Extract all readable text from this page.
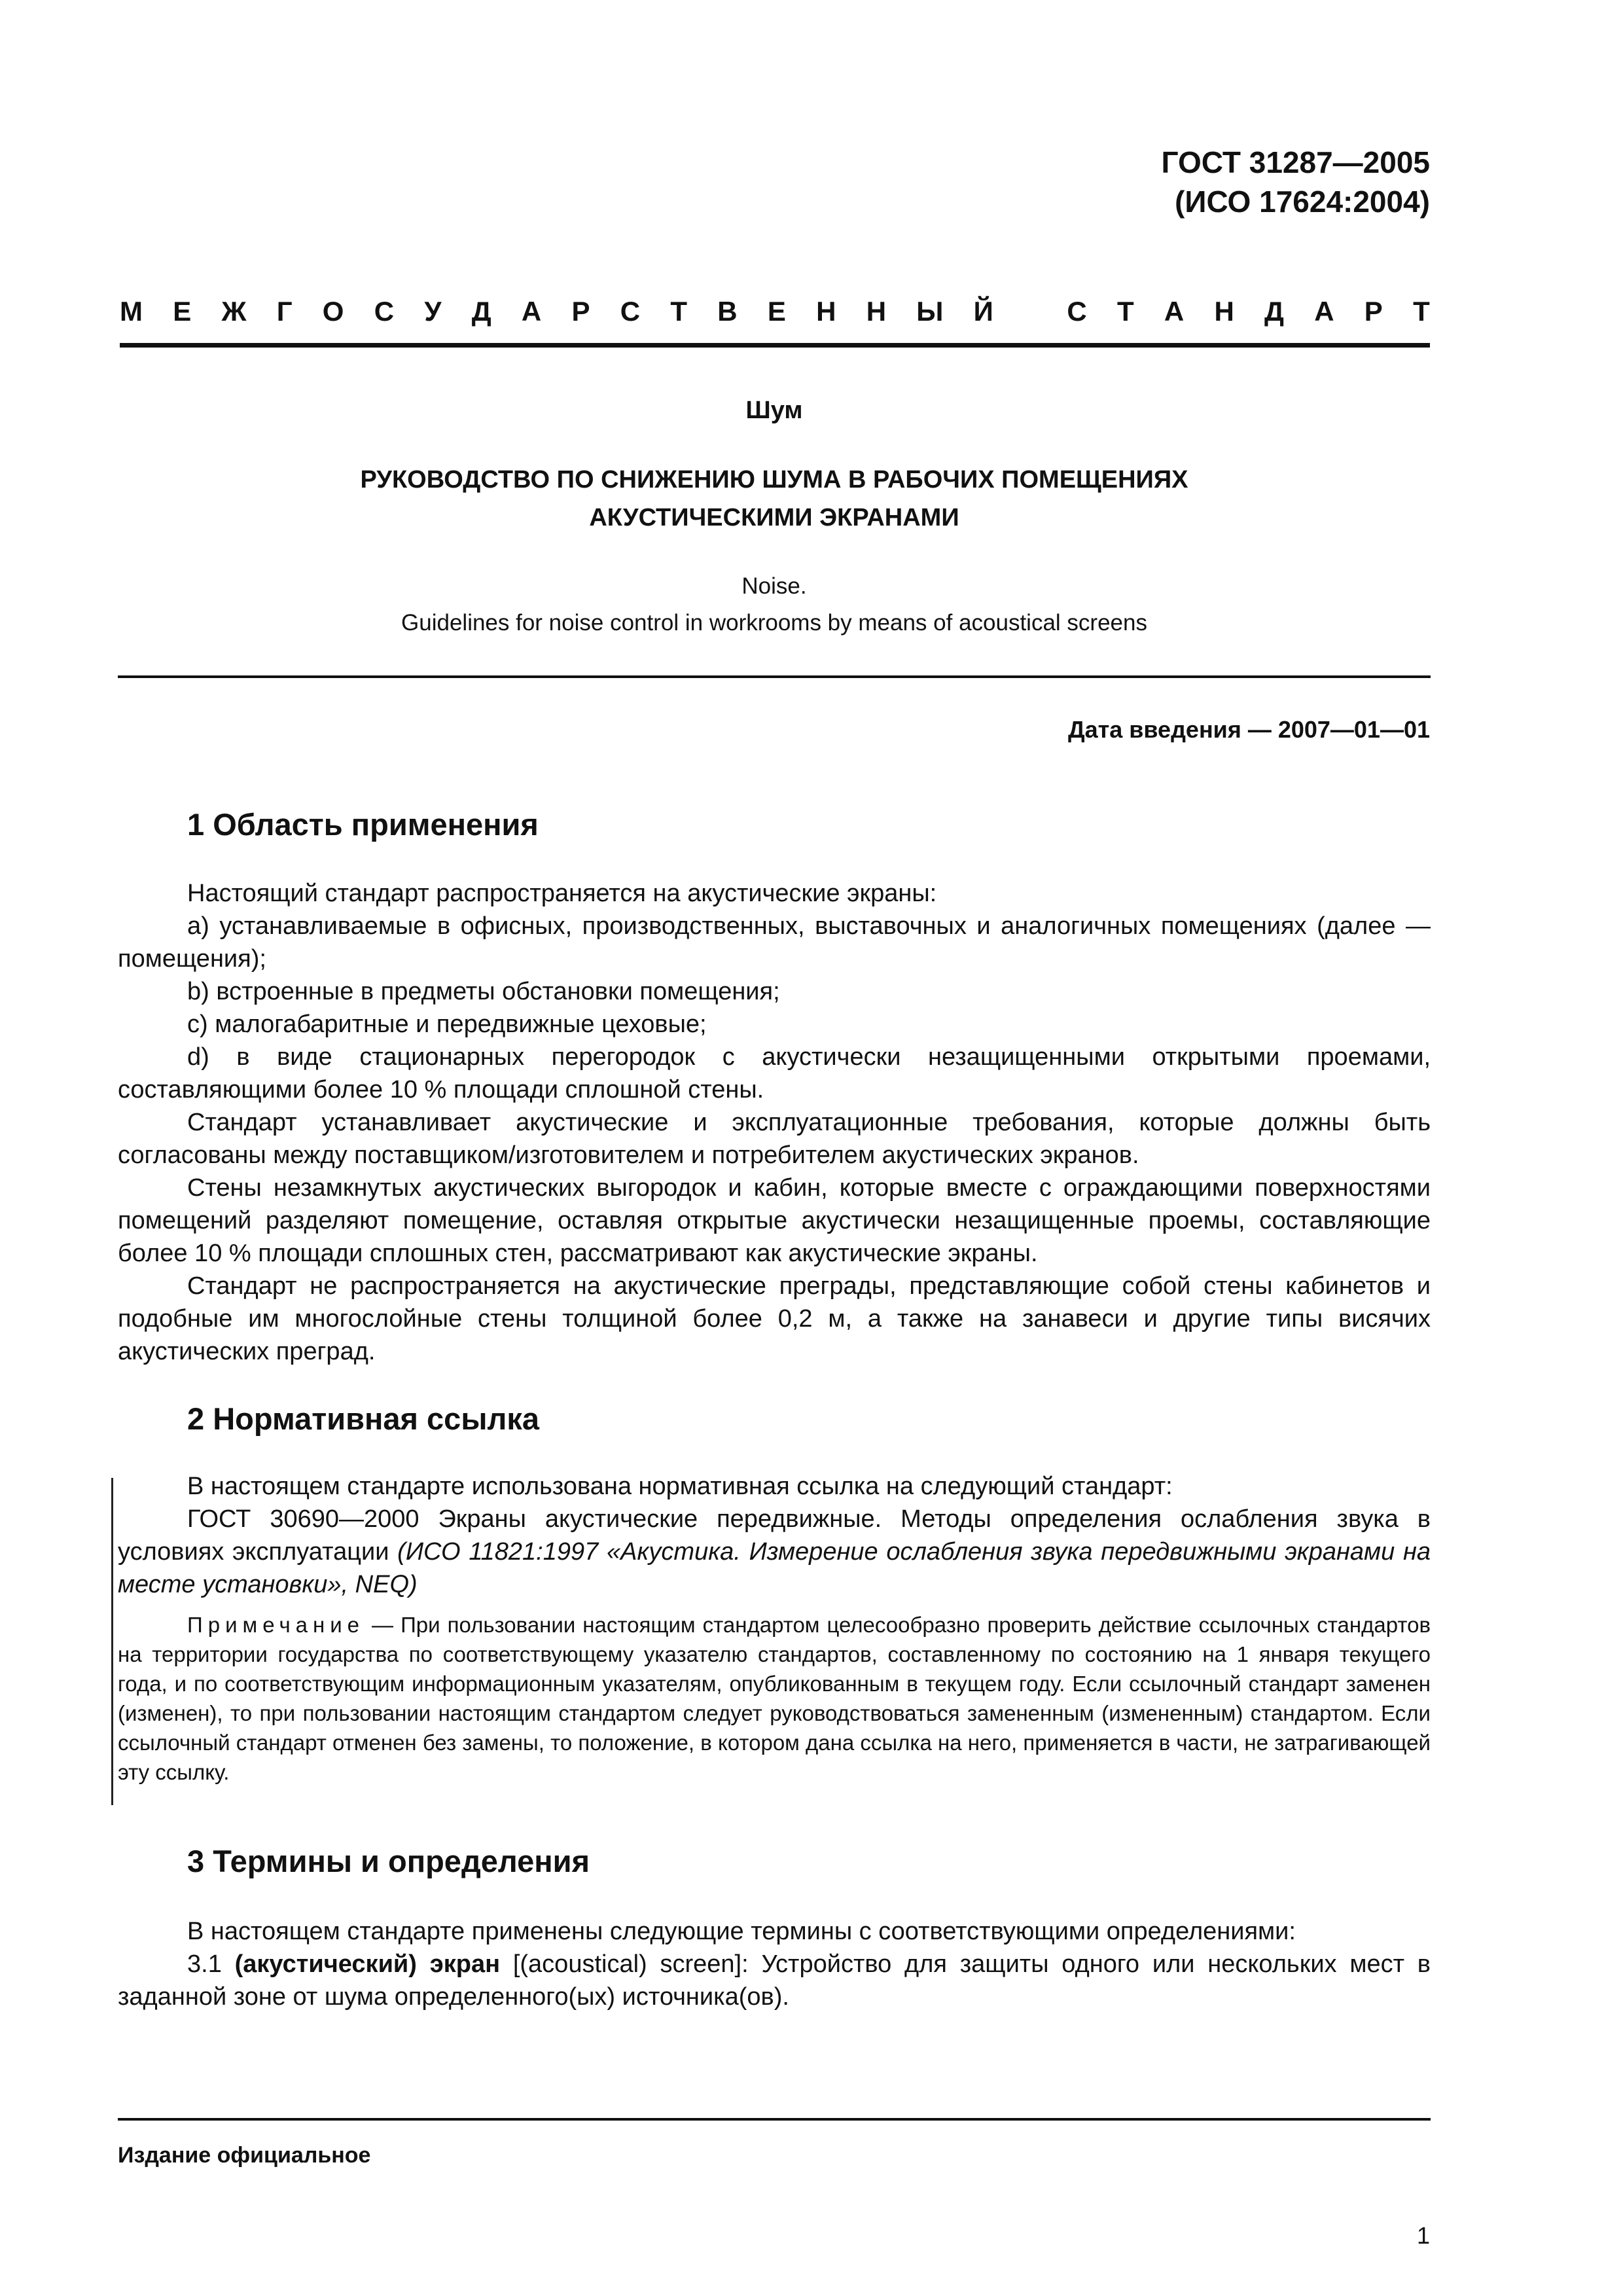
ГОСТ 31287—2005
(ИСО 17624:2004)
М Е Ж Г О С У Д А Р С Т В Е Н Н Ы Й	С Т А Н Д А Р Т
Шум
РУКОВОДСТВО ПО СНИЖЕНИЮ ШУМА В РАБОЧИХ ПОМЕЩЕНИЯХ
АКУСТИЧЕСКИМИ ЭКРАНАМИ
Noise.
Guidelines for noise control in workrooms by means of acoustical screens
Дата введения — 2007—01—01
1 Область применения

Настоящий стандарт распространяется на акустические экраны:

a) устанавливаемые в офисных, производственных, выставочных и аналогичных помещениях (далее — помещения);

b) встроенные в предметы обстановки помещения;

c) малогабаритные и передвижные цеховые;

d) в виде стационарных перегородок с акустически незащищенными открытыми проемами, составляющими более 10 % площади сплошной стены.

Стандарт устанавливает акустические и эксплуатационные требования, которые должны быть согласованы между поставщиком/изготовителем и потребителем акустических экранов.

Стены незамкнутых акустических выгородок и кабин, которые вместе с ограждающими поверхностями помещений разделяют помещение, оставляя открытые акустически незащищенные проемы, составляющие более 10 % площади сплошных стен, рассматривают как акустические экраны.

Стандарт не распространяется на акустические преграды, представляющие собой стены кабинетов и подобные им многослойные стены толщиной более 0,2 м, а также на занавеси и другие типы висячих акустических преград.

2 Нормативная ссылка

В настоящем стандарте использована нормативная ссылка на следующий стандарт:

ГОСТ 30690—2000 Экраны акустические передвижные. Методы определения ослабления звука в условиях эксплуатации (ИСО 11821:1997 «Акустика. Измерение ослабления звука передвижными экранами на месте установки», NEQ)

Примечание — При пользовании настоящим стандартом целесообразно проверить действие ссылочных стандартов на территории государства по соответствующему указателю стандартов, составленному по состоянию на 1 января текущего года, и по соответствующим информационным указателям, опубликованным в текущем году. Если ссылочный стандарт заменен (изменен), то при пользовании настоящим стандартом следует руководствоваться замененным (измененным) стандартом. Если ссылочный стандарт отменен без замены, то положение, в котором дана ссылка на него, применяется в части, не затрагивающей эту ссылку.

3 Термины и определения

В настоящем стандарте применены следующие термины с соответствующими определениями:

3.1 (акустический) экран [(acoustical) screen]: Устройство для защиты одного или нескольких мест в заданной зоне от шума определенного(ых) источника(ов).

Издание официальное
1
